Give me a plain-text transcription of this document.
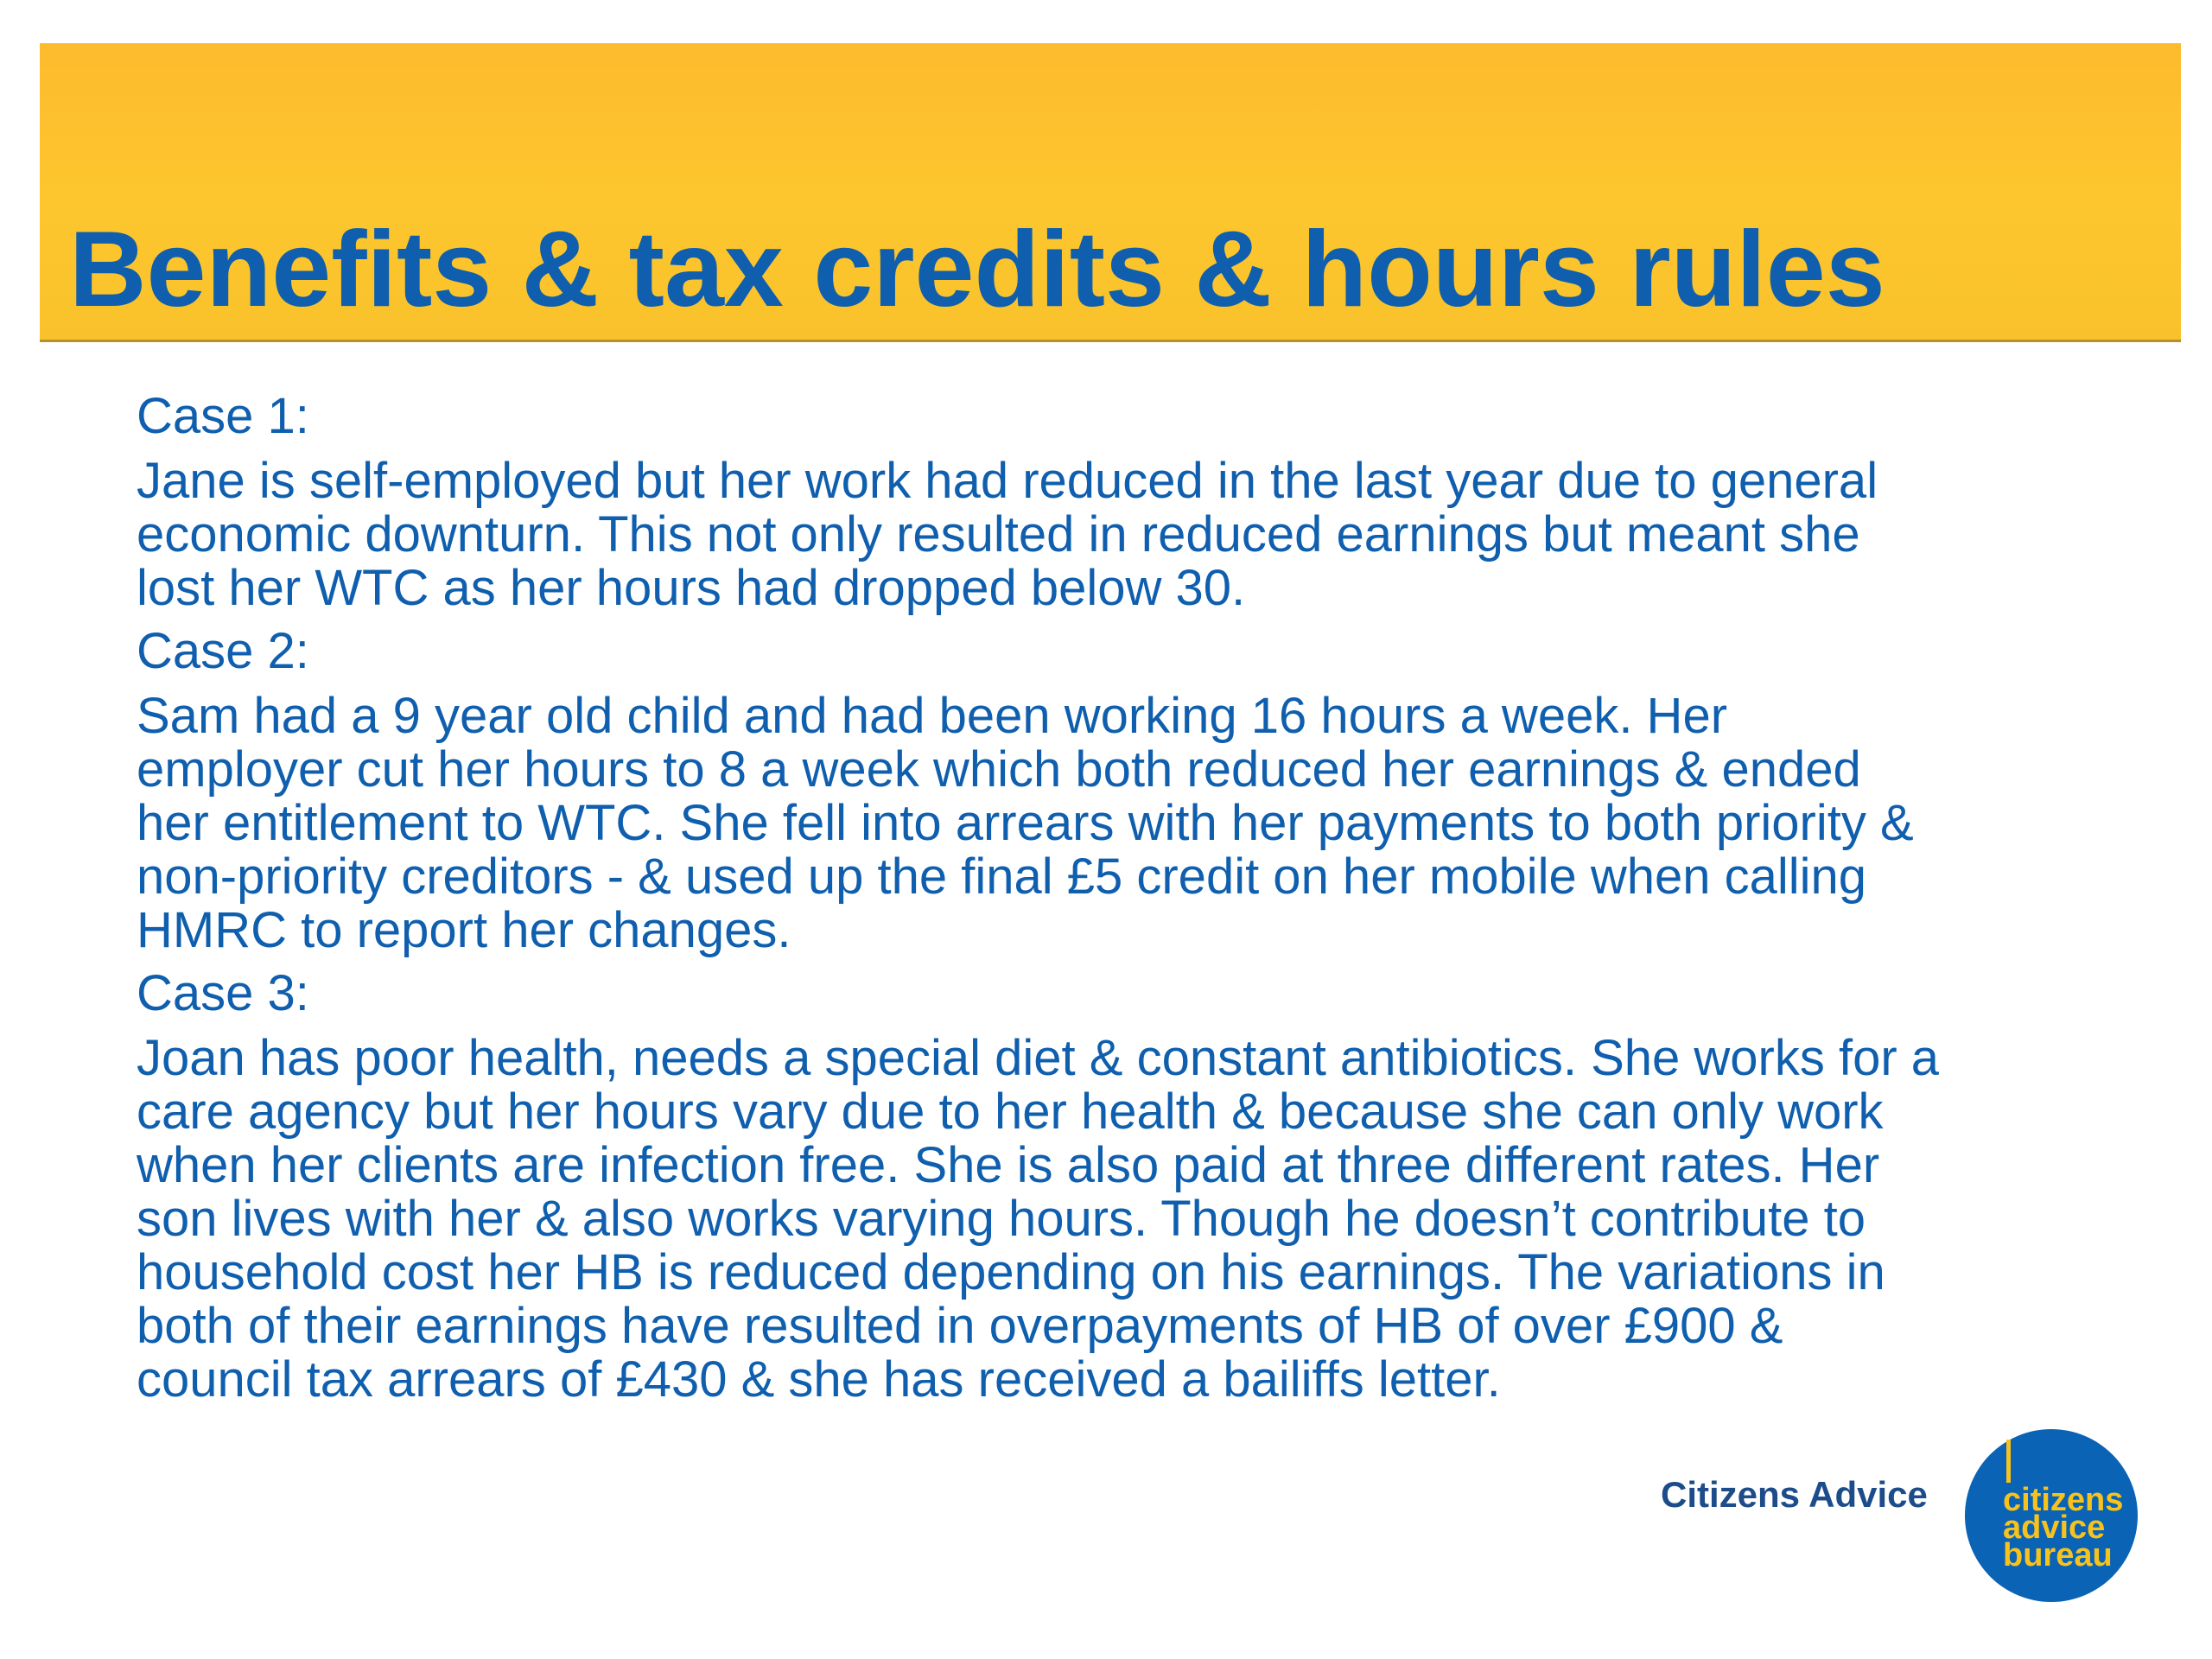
Benefits & tax credits & hours rules

Case 1:

Jane is self-employed but her work had reduced in the last year due to general
economic downturn. This not only resulted in reduced earnings but meant she
lost her WTC as her hours had dropped below 30.

Case 2:

Sam had a 9 year old child and had been working 16 hours a week. Her
employer cut her hours to 8 a week which both reduced her earnings & ended
her entitlement to WTC. She fell into arrears with her payments to both priority &
non-priority creditors - & used up the final £5 credit on her mobile when calling
HMRC to report her changes.

Case 3:

Joan has poor health, needs a special diet & constant antibiotics. She works for a
care agency but her hours vary due to her health & because she can only work
when her clients are infection free. She is also paid at three different rates. Her
son lives with her & also works varying hours. Though he doesn’t contribute to
household cost her HB is reduced depending on his earnings. The variations in
both of their earnings have resulted in overpayments of HB of over £900 &
council tax arrears of £430 & she has received a bailiffs letter.

Citizens Advice citizens
advice
bureau
